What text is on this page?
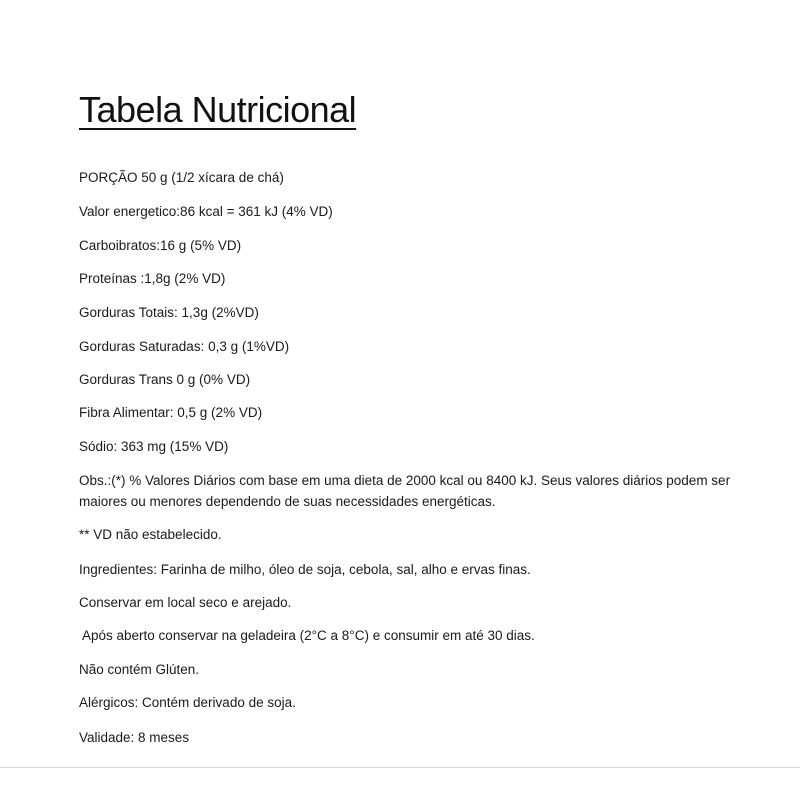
Tabela Nutricional

PORÇÃO 50 g (1/2 xícara de chá)

Valor energetico:86 kcal = 361 kJ (4% VD)

Carboibratos:16 g (5% VD)

Proteínas :1,8g (2% VD)

Gorduras Totais: 1,3g (2%VD)

Gorduras Saturadas: 0,3 g (1%VD)

Gorduras Trans 0 g (0% VD)

Fibra Alimentar: 0,5 g (2% VD)

Sódio: 363 mg (15% VD)

Obs.:(*) % Valores Diários com base em uma dieta de 2000 kcal ou 8400 kJ. Seus valores diários podem ser maiores ou menores dependendo de suas necessidades energéticas.

** VD não estabelecido.

Ingredientes: Farinha de milho, óleo de soja, cebola, sal, alho e ervas finas.

Conservar em local seco e arejado.

Após aberto conservar na geladeira (2°C a 8°C) e consumir em até 30 dias.

Não contém Glúten.

Alérgicos: Contém derivado de soja.

Validade: 8 meses
